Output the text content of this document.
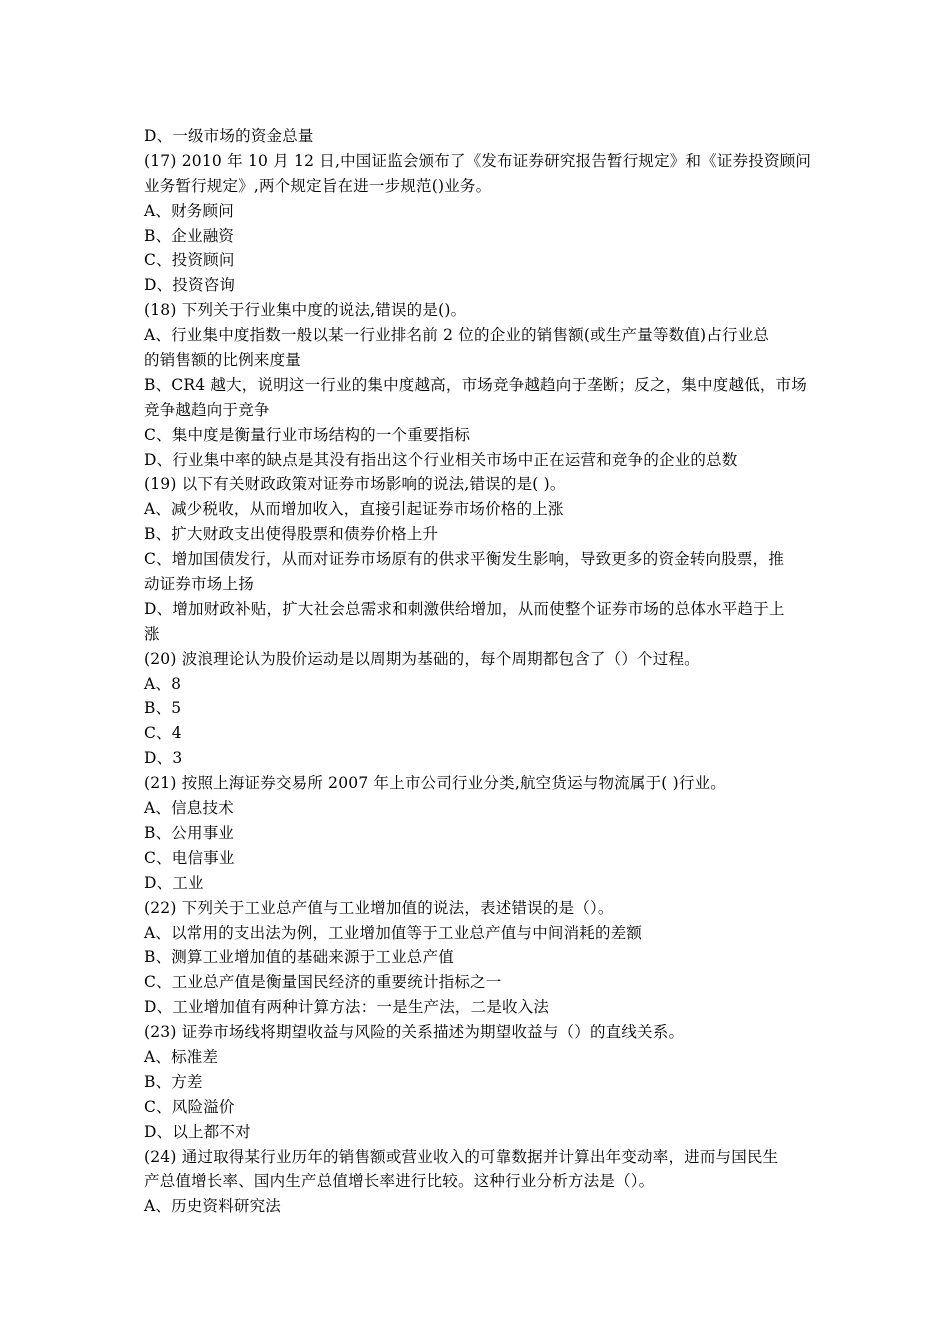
D、一级市场的资金总量
(17) 2010 年 10 月 12 日,中国证监会颁布了《发布证券研究报告暂行规定》和《证券投资顾问
业务暂行规定》,两个规定旨在进一步规范()业务。
A、财务顾问
B、企业融资
C、投资顾问
D、投资咨询
(18) 下列关于行业集中度的说法,错误的是()。
A、行业集中度指数一般以某一行业排名前 2 位的企业的销售额(或生产量等数值)占行业总
的销售额的比例来度量
B、CR4 越大，说明这一行业的集中度越高，市场竞争越趋向于垄断；反之，集中度越低，市场
竞争越趋向于竞争
C、集中度是衡量行业市场结构的一个重要指标
D、行业集中率的缺点是其没有指出这个行业相关市场中正在运营和竞争的企业的总数
(19) 以下有关财政政策对证券市场影响的说法,错误的是( )。
A、减少税收，从而增加收入，直接引起证券市场价格的上涨
B、扩大财政支出使得股票和债券价格上升
C、增加国债发行，从而对证券市场原有的供求平衡发生影响，导致更多的资金转向股票，推
动证券市场上扬
D、增加财政补贴，扩大社会总需求和刺激供给增加，从而使整个证券市场的总体水平趋于上
涨
(20) 波浪理论认为股价运动是以周期为基础的，每个周期都包含了（）个过程。
A、8
B、5
C、4
D、3
(21) 按照上海证券交易所 2007 年上市公司行业分类,航空货运与物流属于( )行业。
A、信息技术
B、公用事业
C、电信事业
D、工业
(22) 下列关于工业总产值与工业增加值的说法，表述错误的是（）。
A、以常用的支出法为例，工业增加值等于工业总产值与中间消耗的差额
B、测算工业增加值的基础来源于工业总产值
C、工业总产值是衡量国民经济的重要统计指标之一
D、工业增加值有两种计算方法：一是生产法，二是收入法
(23) 证券市场线将期望收益与风险的关系描述为期望收益与（）的直线关系。
A、标准差
B、方差
C、风险溢价
D、以上都不对
(24) 通过取得某行业历年的销售额或营业收入的可靠数据并计算出年变动率，进而与国民生
产总值增长率、国内生产总值增长率进行比较。这种行业分析方法是（）。
A、历史资料研究法
